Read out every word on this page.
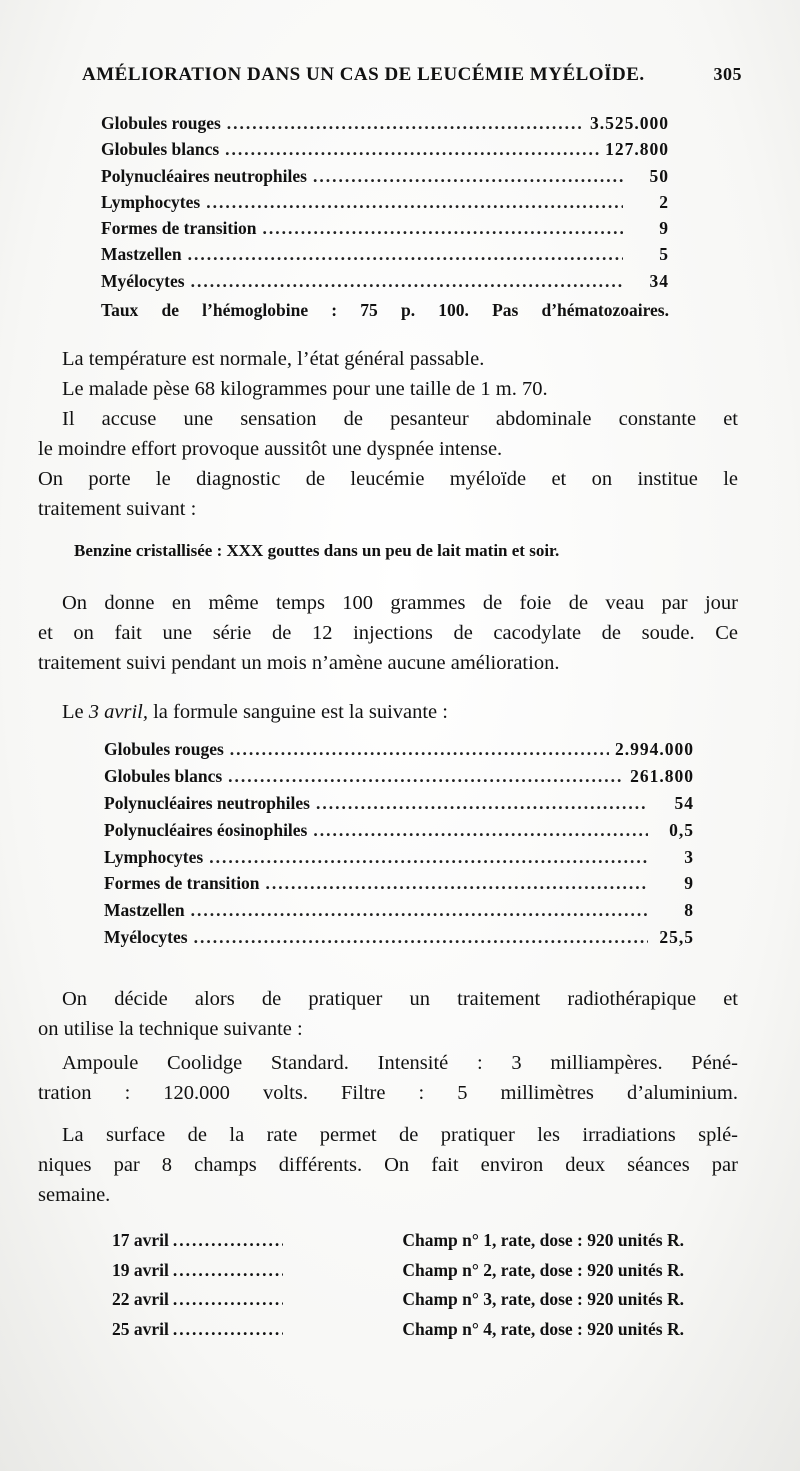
AMÉLIORATION DANS UN CAS DE LEUCÉMIE MYÉLOÏDE.	305
Globules rouges .....	3.525.000
Globules blancs .....	127.800
Polynucléaires neutrophiles .....	50
Lymphocytes .....	2
Formes de transition .....	9
Mastzellen .....	5
Myélocytes .....	34
Taux de l’hémoglobine : 75 p. 100. Pas d’hématozoaires.
La température est normale, l’état général passable.
Le malade pèse 68 kilogrammes pour une taille de 1 m. 70.
Il accuse une sensation de pesanteur abdominale constante et
le moindre effort provoque aussitôt une dyspnée intense.
On porte le diagnostic de leucémie myéloïde et on institue le
traitement suivant :
Benzine cristallisée : XXX gouttes dans un peu de lait matin et soir.
On donne en même temps 100 grammes de foie de veau par jour
et on fait une série de 12 injections de cacodylate de soude. Ce
traitement suivi pendant un mois n’amène aucune amélioration.
Le 3 avril, la formule sanguine est la suivante :
Globules rouges .....	2.994.000
Globules blancs .....	261.800
Polynucléaires neutrophiles .....	54
Polynucléaires éosinophiles .....	0,5
Lymphocytes .....	3
Formes de transition .....	9
Mastzellen .....	8
Myélocytes .....	25,5
On décide alors de pratiquer un traitement radiothérapique et
on utilise la technique suivante :
Ampoule Coolidge Standard. Intensité : 3 milliampères. Péné-
tration : 120.000 volts. Filtre : 5 millimètres d’aluminium.
La surface de la rate permet de pratiquer les irradiations splé-
niques par 8 champs différents. On fait environ deux séances par
semaine.
17 avril .....	Champ n° 1, rate, dose : 920 unités R.
19 avril .....	Champ n° 2, rate, dose : 920 unités R.
22 avril .....	Champ n° 3, rate, dose : 920 unités R.
25 avril .....	Champ n° 4, rate, dose : 920 unités R.
